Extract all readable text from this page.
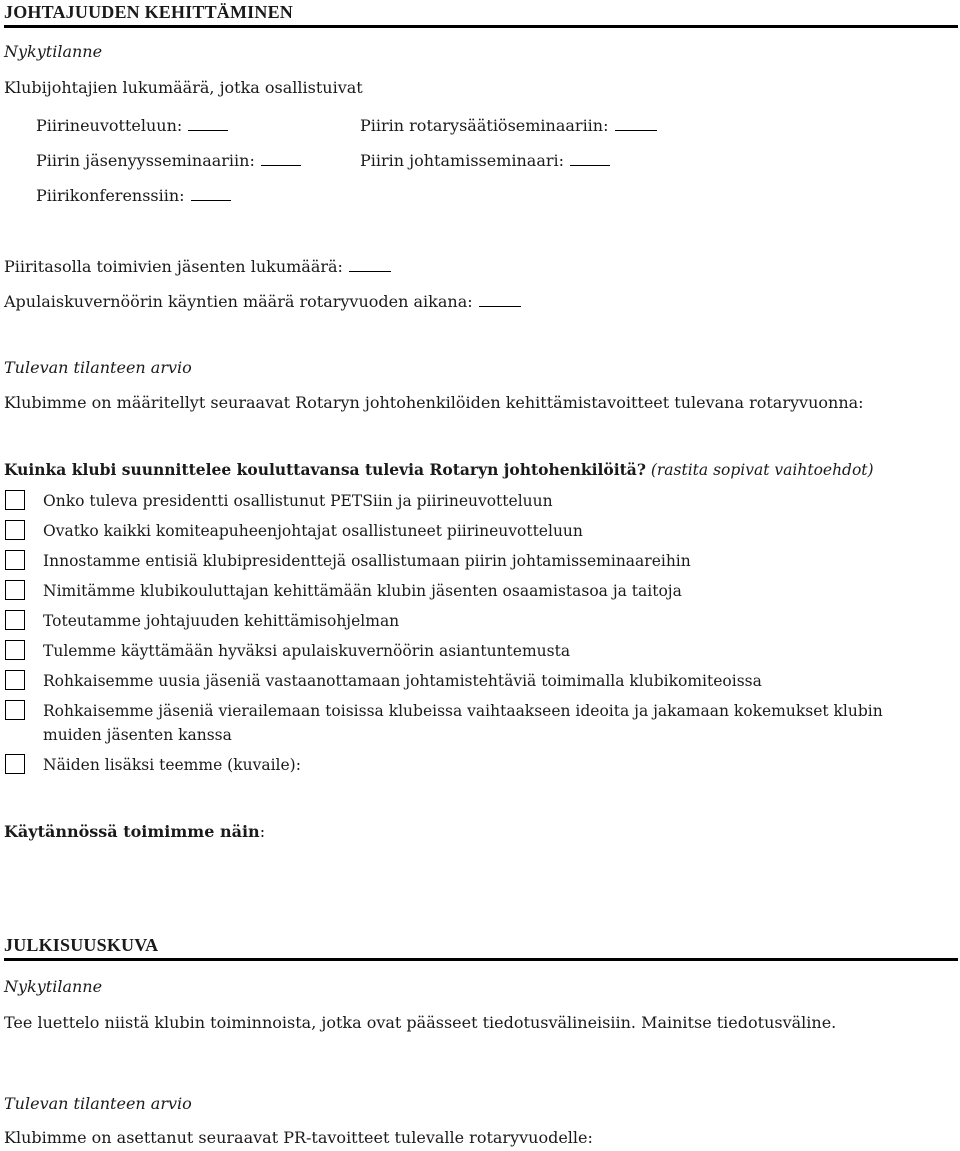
JOHTAJUUDEN KEHITTÄMINEN
Nykytilanne
Klubijohtajien lukumäärä, jotka osallistuivat
Piirineuvotteluun:	Piirin rotarysäätiöseminaariin:
Piirin jäsenyysseminaariin:	Piirin johtamisseminaari:
Piirikonferenssiin:
Piiritasolla toimivien jäsenten lukumäärä:
Apulaiskuvernöörin käyntien määrä rotaryvuoden aikana:
Tulevan tilanteen arvio
Klubimme on määritellyt seuraavat Rotaryn johtohenkilöiden kehittämistavoitteet tulevana rotaryvuonna:
Kuinka klubi suunnittelee kouluttavansa tulevia Rotaryn johtohenkilöitä? (rastita sopivat vaihtoehdot)
Onko tuleva presidentti osallistunut PETSiin ja piirineuvotteluun
Ovatko kaikki komiteapuheenjohtajat osallistuneet piirineuvotteluun
Innostamme entisiä klubipresidenttejä osallistumaan piirin johtamisseminaareihin
Nimitämme klubikouluttajan kehittämään klubin jäsenten osaamistasoa ja taitoja
Toteutamme johtajuuden kehittämisohjelman
Tulemme käyttämään hyväksi apulaiskuvernöörin asiantuntemusta
Rohkaisemme uusia jäseniä vastaanottamaan johtamistehtäviä toimimalla klubikomiteoissa
Rohkaisemme jäseniä vierailemaan toisissa klubeissa vaihtaakseen ideoita ja jakamaan kokemukset klubin
muiden jäsenten kanssa
Näiden lisäksi teemme (kuvaile):
Käytännössä toimimme näin:
JULKISUUSKUVA
Nykytilanne
Tee luettelo niistä klubin toiminnoista, jotka ovat päässeet tiedotusvälineisiin. Mainitse tiedotusväline.
Tulevan tilanteen arvio
Klubimme on asettanut seuraavat PR-tavoitteet tulevalle rotaryvuodelle:
